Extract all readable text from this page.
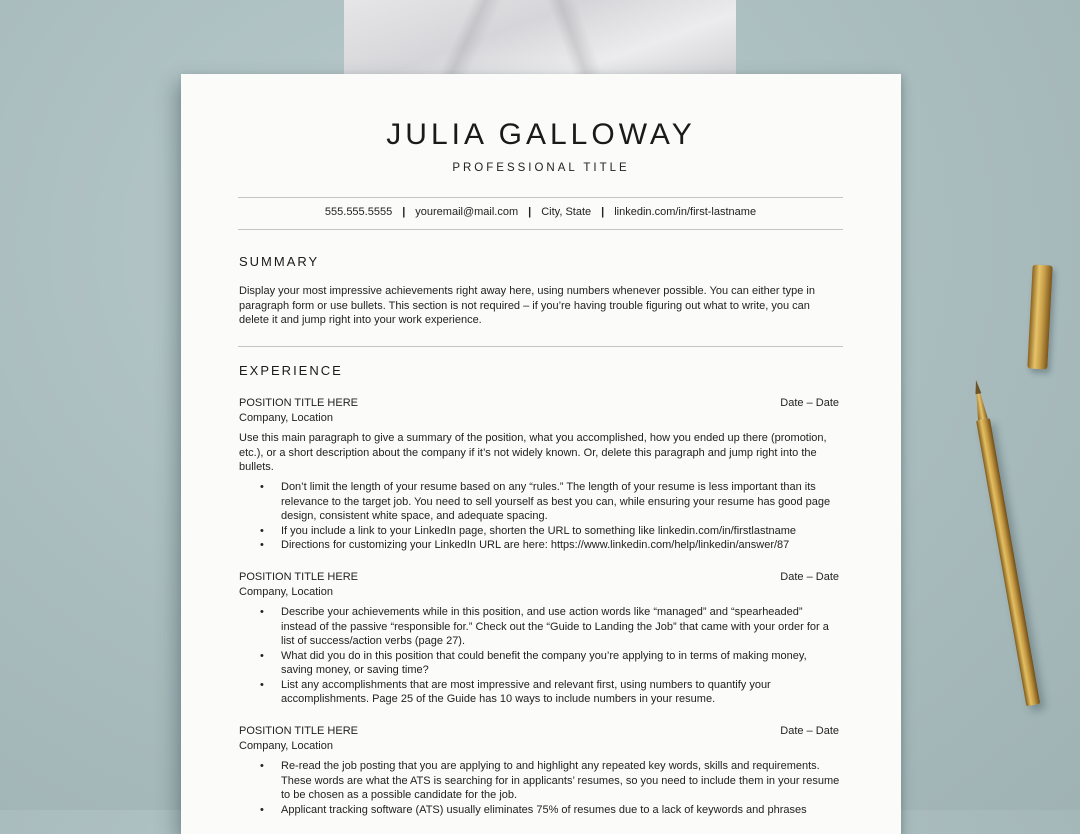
JULIA GALLOWAY
PROFESSIONAL TITLE
555.555.5555 | youremail@mail.com | City, State | linkedin.com/in/first-lastname
SUMMARY
Display your most impressive achievements right away here, using numbers whenever possible. You can either type in paragraph form or use bullets. This section is not required – if you’re having trouble figuring out what to write, you can delete it and jump right into your work experience.
EXPERIENCE
POSITION TITLE HERE	Date – Date
Company, Location
Use this main paragraph to give a summary of the position, what you accomplished, how you ended up there (promotion, etc.), or a short description about the company if it’s not widely known. Or, delete this paragraph and jump right into the bullets.
• Don’t limit the length of your resume based on any “rules.” The length of your resume is less important than its relevance to the target job. You need to sell yourself as best you can, while ensuring your resume has good page design, consistent white space, and adequate spacing.
• If you include a link to your LinkedIn page, shorten the URL to something like linkedin.com/in/firstlastname
• Directions for customizing your LinkedIn URL are here: https://www.linkedin.com/help/linkedin/answer/87
POSITION TITLE HERE	Date – Date
Company, Location
• Describe your achievements while in this position, and use action words like “managed” and “spearheaded” instead of the passive “responsible for.” Check out the “Guide to Landing the Job” that came with your order for a list of success/action verbs (page 27).
• What did you do in this position that could benefit the company you’re applying to in terms of making money, saving money, or saving time?
• List any accomplishments that are most impressive and relevant first, using numbers to quantify your accomplishments. Page 25 of the Guide has 10 ways to include numbers in your resume.
POSITION TITLE HERE	Date – Date
Company, Location
• Re-read the job posting that you are applying to and highlight any repeated key words, skills and requirements. These words are what the ATS is searching for in applicants’ resumes, so you need to include them in your resume to be chosen as a possible candidate for the job.
• Applicant tracking software (ATS) usually eliminates 75% of resumes due to a lack of keywords and phrases
